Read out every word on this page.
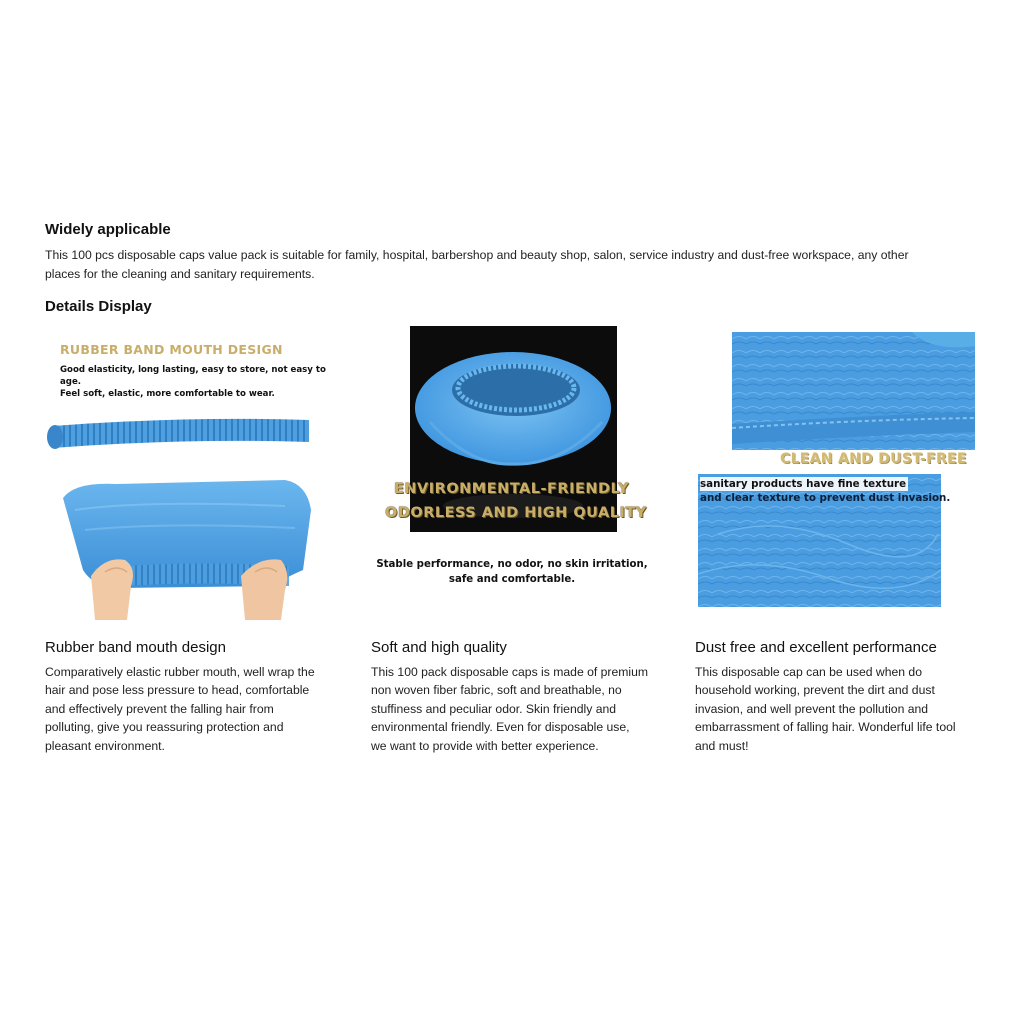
Widely applicable
This 100 pcs disposable caps value pack is suitable for family, hospital, barbershop and beauty shop, salon, service industry and dust-free workspace, any other
places for the cleaning and sanitary requirements.
Details Display
RUBBER BAND MOUTH DESIGN
Good elasticity, long lasting, easy to store, not easy to age.
Feel soft, elastic, more comfortable to wear.
ENVIRONMENTAL-FRIENDLY
ODORLESS AND HIGH QUALITY
Stable performance, no odor, no skin irritation,
safe and comfortable.
CLEAN AND DUST-FREE
sanitary products have fine texture
and clear texture to prevent dust invasion.
Rubber band mouth design
Comparatively elastic rubber mouth, well wrap the
hair and pose less pressure to head, comfortable
and effectively prevent the falling hair from
polluting, give you reassuring protection and
pleasant environment.
Soft and high quality
This 100 pack disposable caps is made of premium
non woven fiber fabric, soft and breathable, no
stuffiness and peculiar odor. Skin friendly and
environmental friendly. Even for disposable use,
we want to provide with better experience.
Dust free and excellent performance
This disposable cap can be used when do
household working, prevent the dirt and dust
invasion, and well prevent the pollution and
embarrassment of falling hair. Wonderful life tool
and must!
